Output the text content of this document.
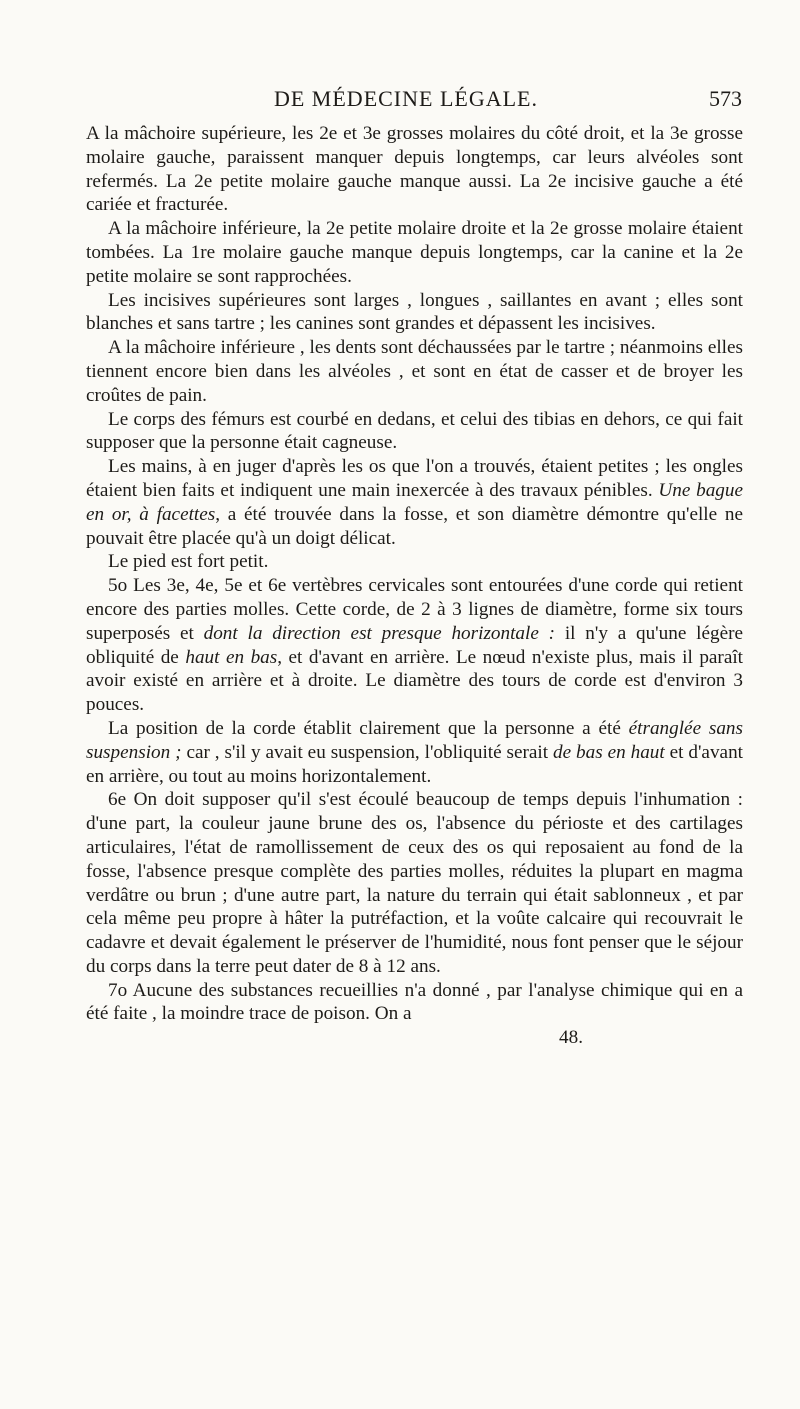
DE MÉDECINE LÉGALE.	573

A la mâchoire supérieure, les 2e et 3e grosses molaires du côté droit, et la 3e grosse molaire gauche, paraissent manquer depuis longtemps, car leurs alvéoles sont refermés. La 2e petite molaire gauche manque aussi. La 2e incisive gauche a été cariée et fracturée.

A la mâchoire inférieure, la 2e petite molaire droite et la 2e grosse molaire étaient tombées. La 1re molaire gauche manque depuis longtemps, car la canine et la 2e petite molaire se sont rapprochées.

Les incisives supérieures sont larges , longues , saillantes en avant ; elles sont blanches et sans tartre ; les canines sont grandes et dépassent les incisives.

A la mâchoire inférieure , les dents sont déchaussées par le tartre ; néanmoins elles tiennent encore bien dans les alvéoles , et sont en état de casser et de broyer les croûtes de pain.

Le corps des fémurs est courbé en dedans, et celui des tibias en dehors, ce qui fait supposer que la personne était cagneuse.

Les mains, à en juger d'après les os que l'on a trouvés, étaient petites ; les ongles étaient bien faits et indiquent une main inexercée à des travaux pénibles. Une bague en or, à facettes, a été trouvée dans la fosse, et son diamètre démontre qu'elle ne pouvait être placée qu'à un doigt délicat.

Le pied est fort petit.

5o Les 3e, 4e, 5e et 6e vertèbres cervicales sont entourées d'une corde qui retient encore des parties molles. Cette corde, de 2 à 3 lignes de diamètre, forme six tours superposés et dont la direction est presque horizontale : il n'y a qu'une légère obliquité de haut en bas, et d'avant en arrière. Le nœud n'existe plus, mais il paraît avoir existé en arrière et à droite. Le diamètre des tours de corde est d'environ 3 pouces.

La position de la corde établit clairement que la personne a été étranglée sans suspension ; car , s'il y avait eu suspension, l'obliquité serait de bas en haut et d'avant en arrière, ou tout au moins horizontalement.

6e On doit supposer qu'il s'est écoulé beaucoup de temps depuis l'inhumation : d'une part, la couleur jaune brune des os, l'absence du périoste et des cartilages articulaires, l'état de ramollissement de ceux des os qui reposaient au fond de la fosse, l'absence presque complète des parties molles, réduites la plupart en magma verdâtre ou brun ; d'une autre part, la nature du terrain qui était sablonneux , et par cela même peu propre à hâter la putréfaction, et la voûte calcaire qui recouvrait le cadavre et devait également le préserver de l'humidité, nous font penser que le séjour du corps dans la terre peut dater de 8 à 12 ans.

7o Aucune des substances recueillies n'a donné , par l'analyse chimique qui en a été faite , la moindre trace de poison. On a

48.
